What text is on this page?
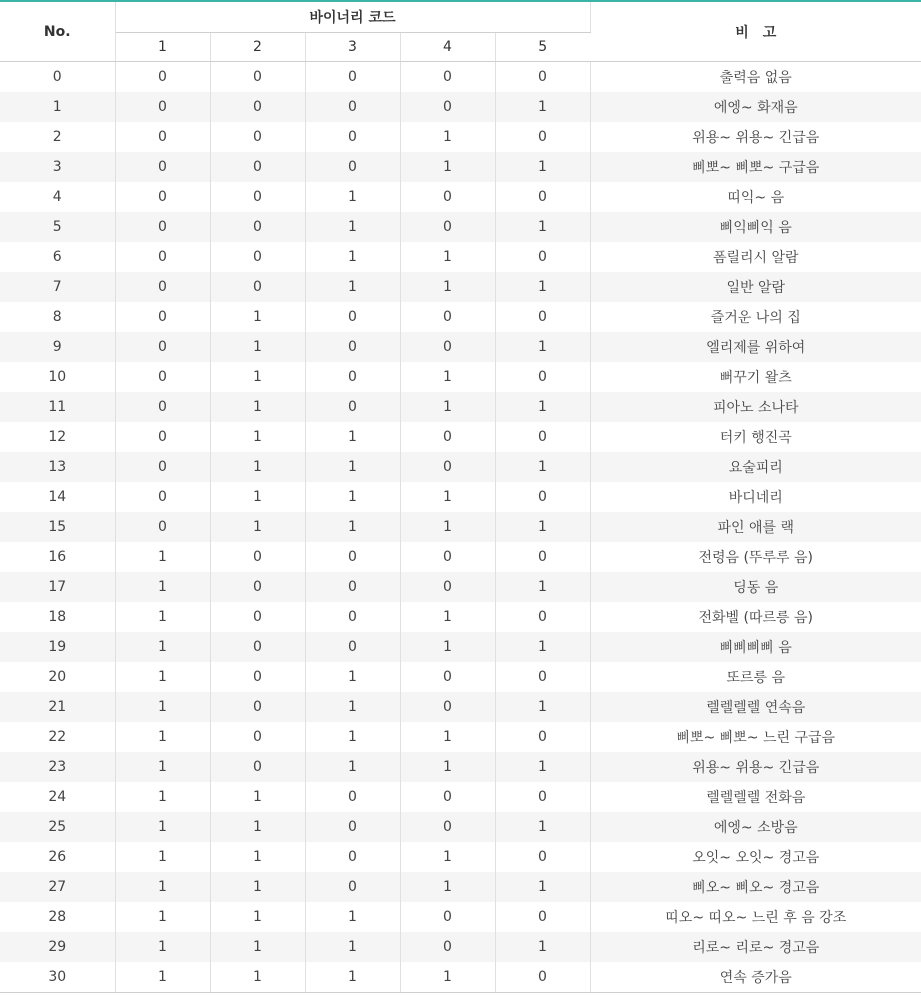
No.	바이너리 코드					비　고
	1	2	3	4	5	
0	0	0	0	0	0	출력음 없음
1	0	0	0	0	1	에엥~ 화재음
2	0	0	0	1	0	위용~ 위용~ 긴급음
3	0	0	0	1	1	삐뽀~ 삐뽀~ 구급음
4	0	0	1	0	0	띠익~ 음
5	0	0	1	0	1	삐익삐익 음
6	0	0	1	1	0	폼릴리시 알람
7	0	0	1	1	1	일반 알람
8	0	1	0	0	0	즐거운 나의 집
9	0	1	0	0	1	엘리제를 위하여
10	0	1	0	1	0	뻐꾸기 왈츠
11	0	1	0	1	1	피아노 소나타
12	0	1	1	0	0	터키 행진곡
13	0	1	1	0	1	요술피리
14	0	1	1	1	0	바디네리
15	0	1	1	1	1	파인 애를 랙
16	1	0	0	0	0	전령음 (뚜루루 음)
17	1	0	0	0	1	딩동 음
18	1	0	0	1	0	전화벨 (따르릉 음)
19	1	0	0	1	1	삐삐삐삐 음
20	1	0	1	0	0	또르릉 음
21	1	0	1	0	1	렐렐렐렐 연속음
22	1	0	1	1	0	삐뽀~ 삐뽀~ 느린 구급음
23	1	0	1	1	1	위용~ 위용~ 긴급음
24	1	1	0	0	0	렐렐렐렐 전화음
25	1	1	0	0	1	에엥~ 소방음
26	1	1	0	1	0	오잇~ 오잇~ 경고음
27	1	1	0	1	1	삐오~ 삐오~ 경고음
28	1	1	1	0	0	띠오~ 띠오~ 느린 후 음 강조
29	1	1	1	0	1	리로~ 리로~ 경고음
30	1	1	1	1	0	연속 증가음
